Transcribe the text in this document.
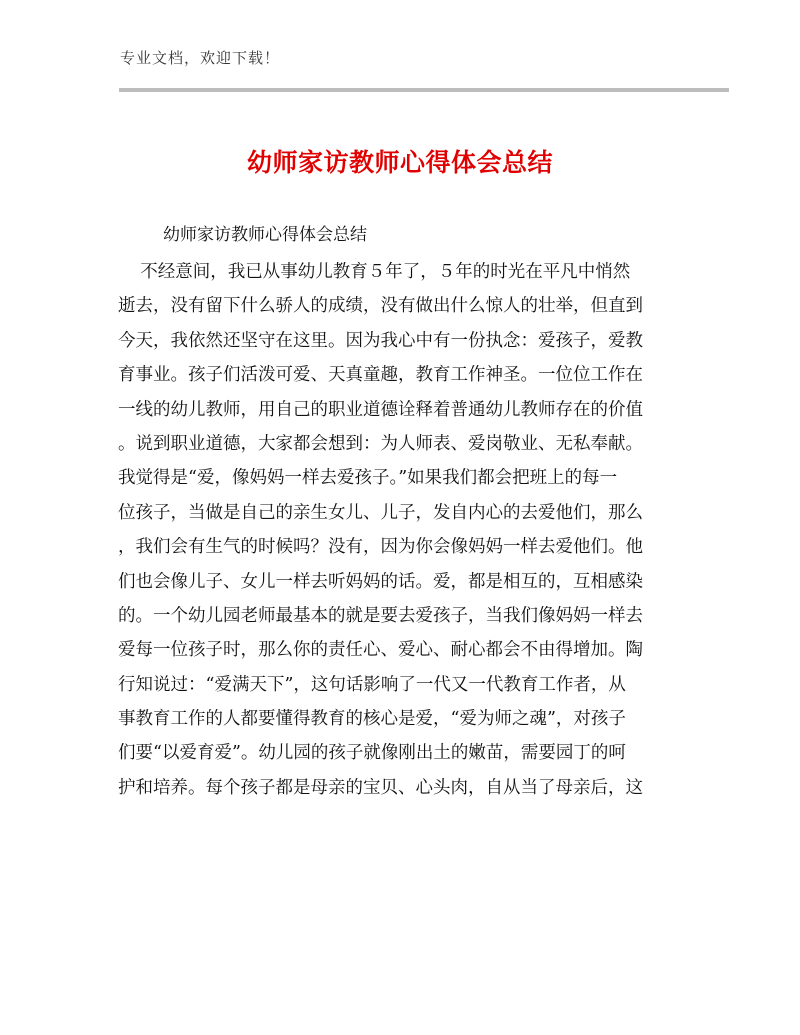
专业文档，欢迎下载！
幼师家访教师心得体会总结
幼师家访教师心得体会总结
不经意间，我已从事幼儿教育５年了，５年的时光在平凡中悄然
逝去，没有留下什么骄人的成绩，没有做出什么惊人的壮举，但直到
今天，我依然还坚守在这里。因为我心中有一份执念：爱孩子，爱教
育事业。孩子们活泼可爱、天真童趣，教育工作神圣。一位位工作在
一线的幼儿教师，用自己的职业道德诠释着普通幼儿教师存在的价值
。说到职业道德，大家都会想到：为人师表、爱岗敬业、无私奉献。
我觉得是“爱，像妈妈一样去爱孩子。”如果我们都会把班上的每一
位孩子，当做是自己的亲生女儿、儿子，发自内心的去爱他们，那么
，我们会有生气的时候吗？没有，因为你会像妈妈一样去爱他们。他
们也会像儿子、女儿一样去听妈妈的话。爱，都是相互的，互相感染
的。一个幼儿园老师最基本的就是要去爱孩子，当我们像妈妈一样去
爱每一位孩子时，那么你的责任心、爱心、耐心都会不由得增加。陶
行知说过：“爱满天下”，这句话影响了一代又一代教育工作者，从
事教育工作的人都要懂得教育的核心是爱，“爱为师之魂”，对孩子
们要“以爱育爱”。幼儿园的孩子就像刚出土的嫩苗，需要园丁的呵
护和培养。每个孩子都是母亲的宝贝、心头肉，自从当了母亲后，这
